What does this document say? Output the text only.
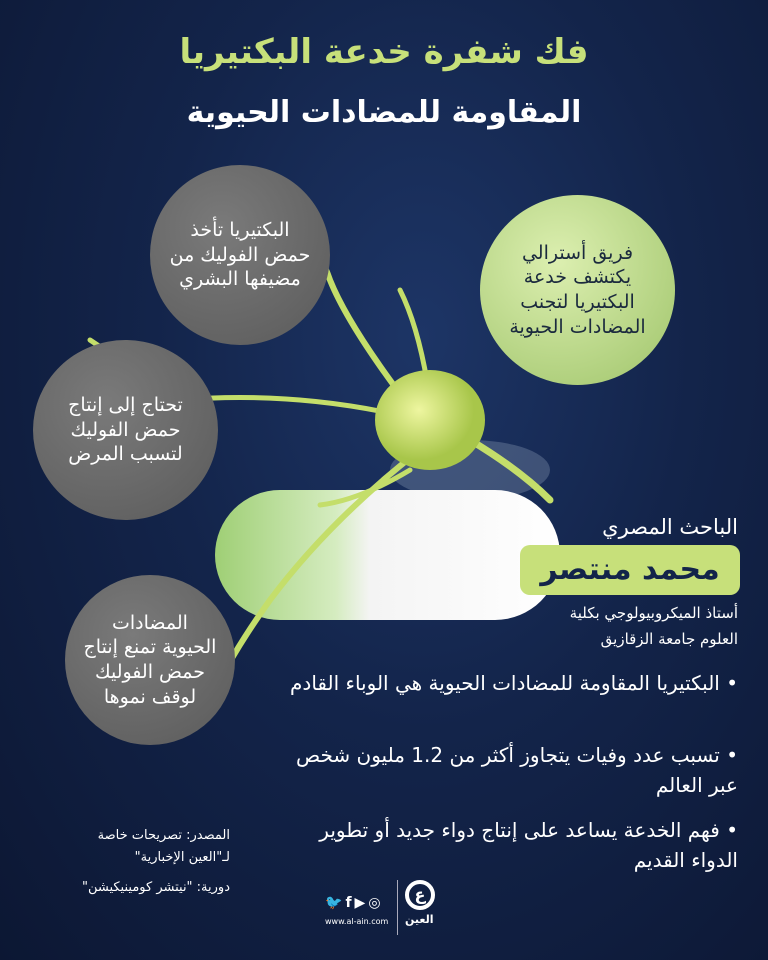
فك شفرة خدعة البكتيريا
المقاومة للمضادات الحيوية
البكتيريا تأخذ حمض الفوليك من مضيفها البشري
فريق أسترالي يكتشف خدعة البكتيريا لتجنب المضادات الحيوية
تحتاج إلى إنتاج حمض الفوليك لتسبب المرض
المضادات الحيوية تمنع إنتاج حمض الفوليك لوقف نموها
الباحث المصري
محمد منتصر
أستاذ الميكروبيولوجي بكلية العلوم جامعة الزقازيق
• البكتيريا المقاومة للمضادات الحيوية هي الوباء القادم
• تسبب عدد وفيات يتجاوز أكثر من 1.2 مليون شخص عبر العالم
• فهم الخدعة يساعد على إنتاج دواء جديد أو تطوير الدواء القديم
المصدر: تصريحات خاصة
لـ"العين الإخبارية"
دورية: "نيتشر كومينيكيشن"
🐦f▶◎
www.al-ain.com
ع
العين
